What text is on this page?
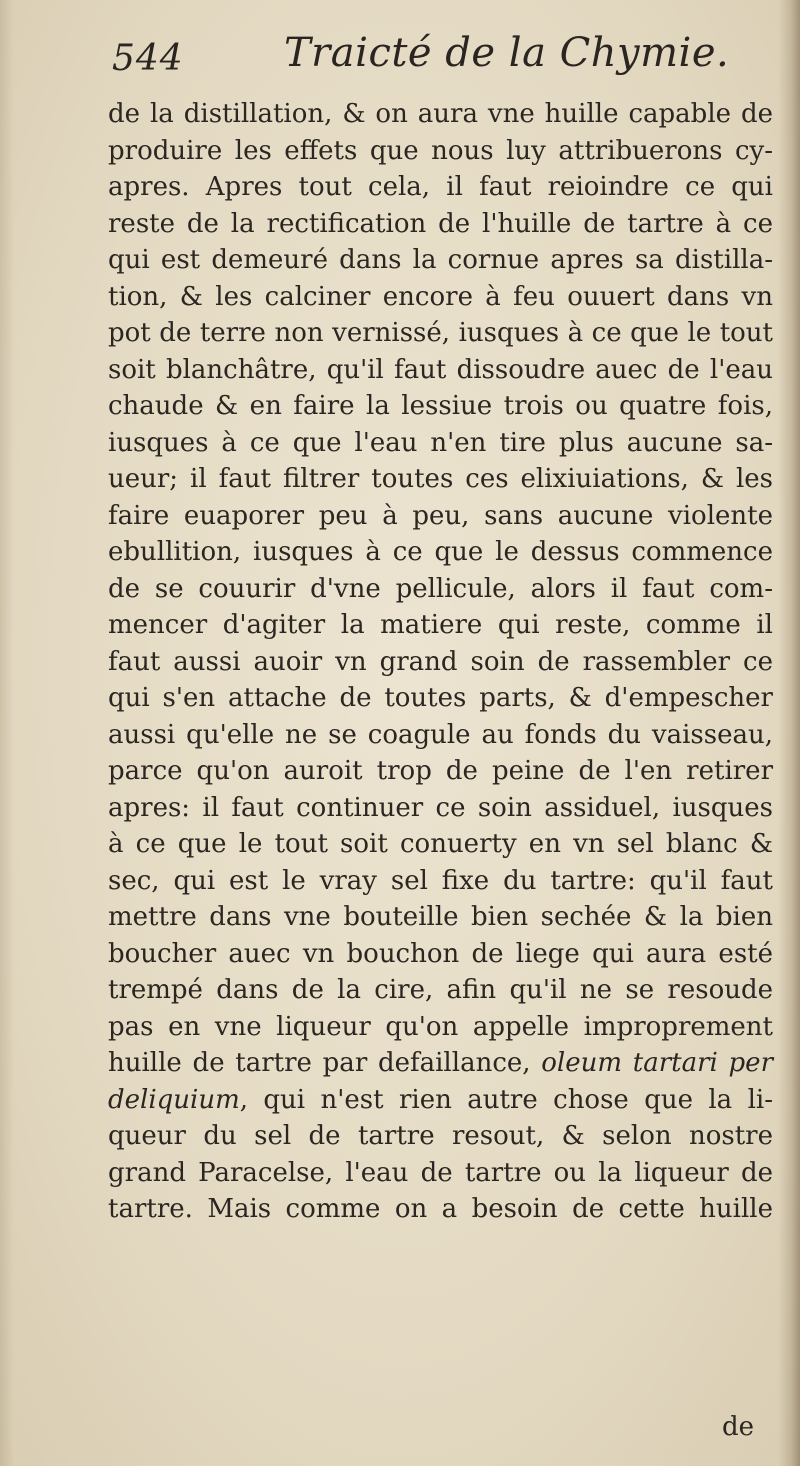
544	Traicté de la Chymie.
de la distillation, & on aura vne huille capable de
produire les effets que nous luy attribuerons cy-
apres. Apres tout cela, il faut reioindre ce qui
reste de la rectification de l'huille de tartre à ce
qui est demeuré dans la cornue apres sa distilla-
tion, & les calciner encore à feu ouuert dans vn
pot de terre non vernissé, iusques à ce que le tout
soit blanchâtre, qu'il faut dissoudre auec de l'eau
chaude & en faire la lessiue trois ou quatre fois,
iusques à ce que l'eau n'en tire plus aucune sa-
ueur; il faut filtrer toutes ces elixiuiations, & les
faire euaporer peu à peu, sans aucune violente
ebullition, iusques à ce que le dessus commence
de se couurir d'vne pellicule, alors il faut com-
mencer d'agiter la matiere qui reste, comme il
faut aussi auoir vn grand soin de rassembler ce
qui s'en attache de toutes parts, & d'empescher
aussi qu'elle ne se coagule au fonds du vaisseau,
parce qu'on auroit trop de peine de l'en retirer
apres: il faut continuer ce soin assiduel, iusques
à ce que le tout soit conuerty en vn sel blanc &
sec, qui est le vray sel fixe du tartre: qu'il faut
mettre dans vne bouteille bien sechée & la bien
boucher auec vn bouchon de liege qui aura esté
trempé dans de la cire, afin qu'il ne se resoude
pas en vne liqueur qu'on appelle improprement
huille de tartre par defaillance, oleum tartari per
deliquium, qui n'est rien autre chose que la li-
queur du sel de tartre resout, & selon nostre
grand Paracelse, l'eau de tartre ou la liqueur de
tartre. Mais comme on a besoin de cette huille
de
